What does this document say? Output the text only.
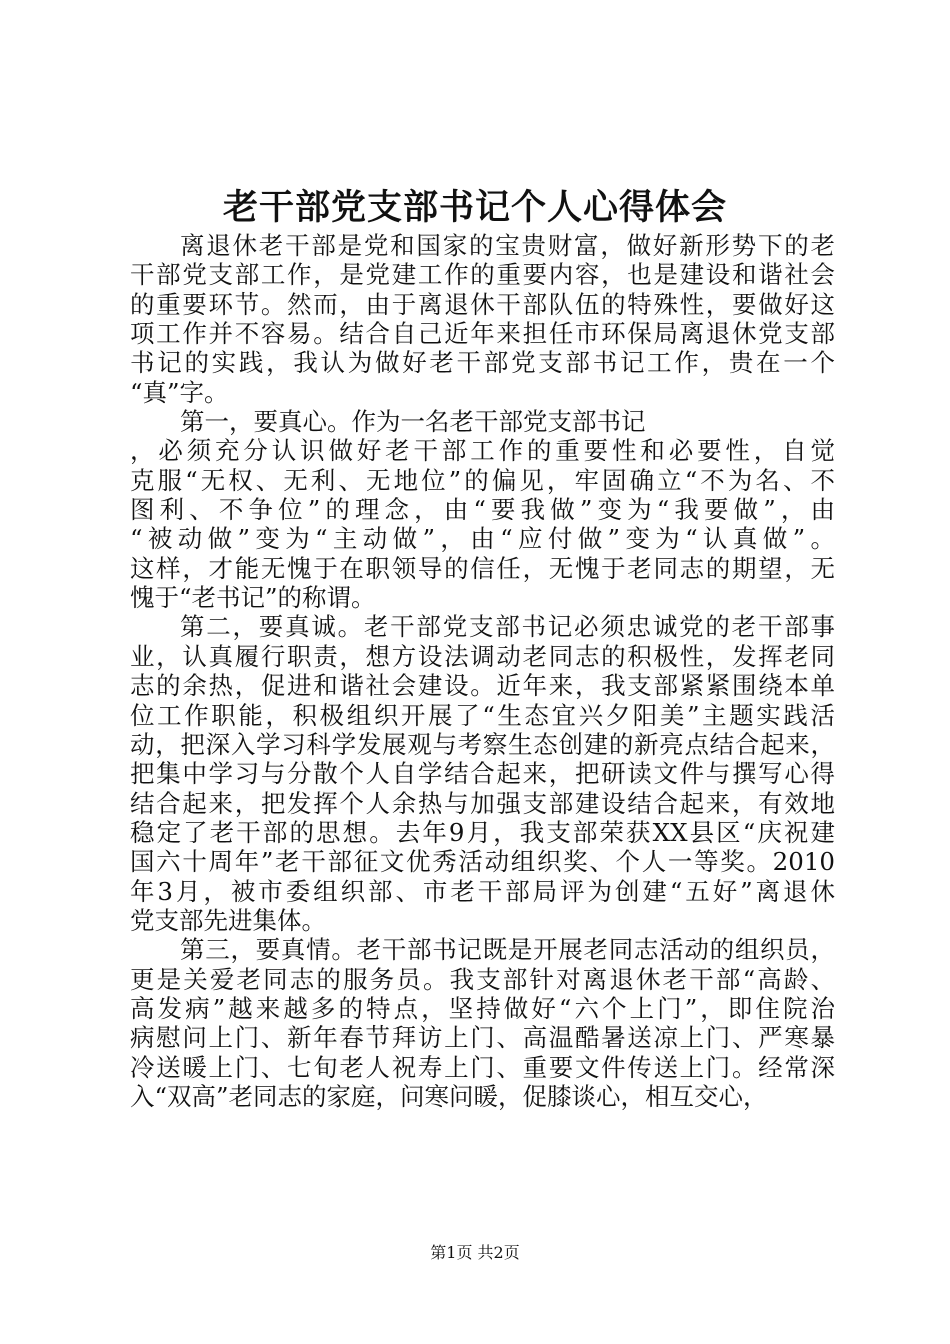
老干部党支部书记个人心得体会
离退休老干部是党和国家的宝贵财富，做好新形势下的老
干部党支部工作，是党建工作的重要内容，也是建设和谐社会
的重要环节。然而，由于离退休干部队伍的特殊性，要做好这
项工作并不容易。结合自己近年来担任市环保局离退休党支部
书记的实践，我认为做好老干部党支部书记工作，贵在一个
“真”字。
第一，要真心。作为一名老干部党支部书记
，必须充分认识做好老干部工作的重要性和必要性，自觉
克服“无权、无利、无地位”的偏见，牢固确立“不为名、不
图利、不争位”的理念，由“要我做”变为“我要做”，由
“被动做”变为“主动做”，由“应付做”变为“认真做”。
这样，才能无愧于在职领导的信任，无愧于老同志的期望，无
愧于“老书记”的称谓。
第二，要真诚。老干部党支部书记必须忠诚党的老干部事
业，认真履行职责，想方设法调动老同志的积极性，发挥老同
志的余热，促进和谐社会建设。近年来，我支部紧紧围绕本单
位工作职能，积极组织开展了“生态宜兴夕阳美”主题实践活
动，把深入学习科学发展观与考察生态创建的新亮点结合起来，
把集中学习与分散个人自学结合起来，把研读文件与撰写心得
结合起来，把发挥个人余热与加强支部建设结合起来，有效地
稳定了老干部的思想。去年9月，我支部荣获XX县区“庆祝建
国六十周年”老干部征文优秀活动组织奖、个人一等奖。2010
年3月，被市委组织部、市老干部局评为创建“五好”离退休
党支部先进集体。
第三，要真情。老干部书记既是开展老同志活动的组织员，
更是关爱老同志的服务员。我支部针对离退休老干部“高龄、
高发病”越来越多的特点，坚持做好“六个上门”，即住院治
病慰问上门、新年春节拜访上门、高温酷暑送凉上门、严寒暴
冷送暖上门、七旬老人祝寿上门、重要文件传送上门。经常深
入“双高”老同志的家庭，问寒问暖，促膝谈心，相互交心，
第1页 共2页
